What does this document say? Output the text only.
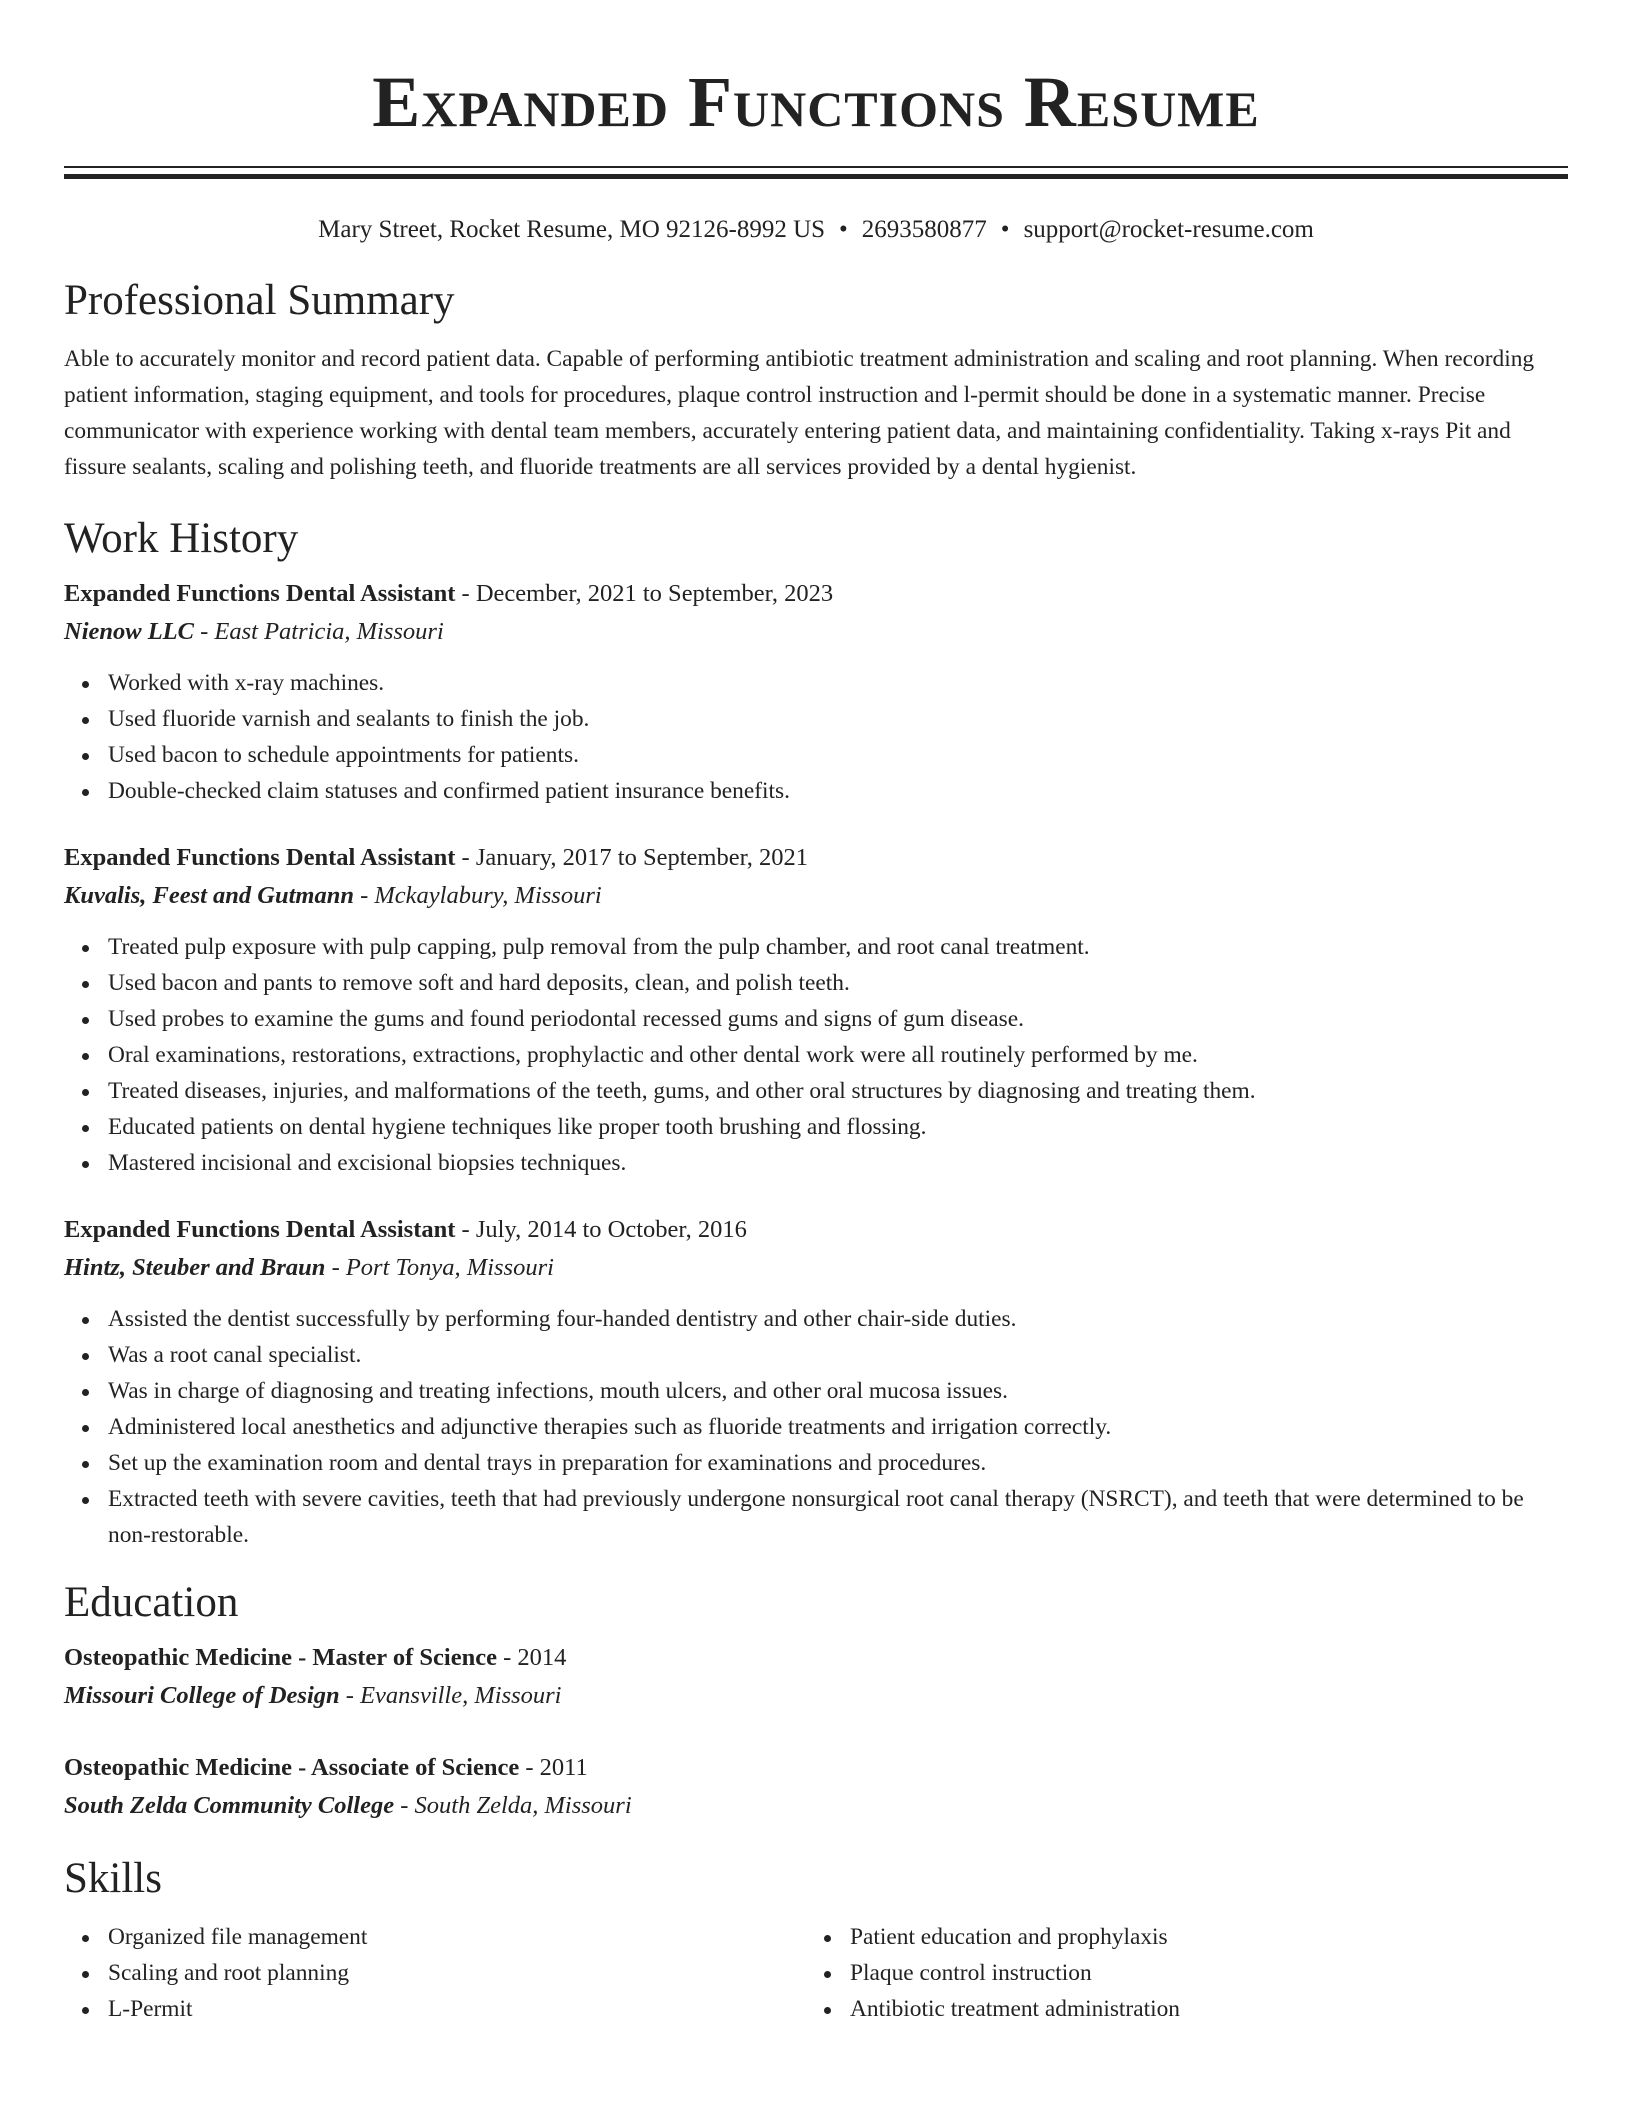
Expanded Functions Resume
Mary Street, Rocket Resume, MO 92126-8992 US • 2693580877 • support@rocket-resume.com
Professional Summary
Able to accurately monitor and record patient data. Capable of performing antibiotic treatment administration and scaling and root planning. When recording patient information, staging equipment, and tools for procedures, plaque control instruction and l-permit should be done in a systematic manner. Precise communicator with experience working with dental team members, accurately entering patient data, and maintaining confidentiality. Taking x-rays Pit and fissure sealants, scaling and polishing teeth, and fluoride treatments are all services provided by a dental hygienist.
Work History
Expanded Functions Dental Assistant - December, 2021 to September, 2023
Nienow LLC - East Patricia, Missouri
Worked with x-ray machines.
Used fluoride varnish and sealants to finish the job.
Used bacon to schedule appointments for patients.
Double-checked claim statuses and confirmed patient insurance benefits.
Expanded Functions Dental Assistant - January, 2017 to September, 2021
Kuvalis, Feest and Gutmann - Mckaylabury, Missouri
Treated pulp exposure with pulp capping, pulp removal from the pulp chamber, and root canal treatment.
Used bacon and pants to remove soft and hard deposits, clean, and polish teeth.
Used probes to examine the gums and found periodontal recessed gums and signs of gum disease.
Oral examinations, restorations, extractions, prophylactic and other dental work were all routinely performed by me.
Treated diseases, injuries, and malformations of the teeth, gums, and other oral structures by diagnosing and treating them.
Educated patients on dental hygiene techniques like proper tooth brushing and flossing.
Mastered incisional and excisional biopsies techniques.
Expanded Functions Dental Assistant - July, 2014 to October, 2016
Hintz, Steuber and Braun - Port Tonya, Missouri
Assisted the dentist successfully by performing four-handed dentistry and other chair-side duties.
Was a root canal specialist.
Was in charge of diagnosing and treating infections, mouth ulcers, and other oral mucosa issues.
Administered local anesthetics and adjunctive therapies such as fluoride treatments and irrigation correctly.
Set up the examination room and dental trays in preparation for examinations and procedures.
Extracted teeth with severe cavities, teeth that had previously undergone nonsurgical root canal therapy (NSRCT), and teeth that were determined to be non-restorable.
Education
Osteopathic Medicine - Master of Science - 2014
Missouri College of Design - Evansville, Missouri
Osteopathic Medicine - Associate of Science - 2011
South Zelda Community College - South Zelda, Missouri
Skills
Organized file management
Scaling and root planning
L-Permit
Patient education and prophylaxis
Plaque control instruction
Antibiotic treatment administration
